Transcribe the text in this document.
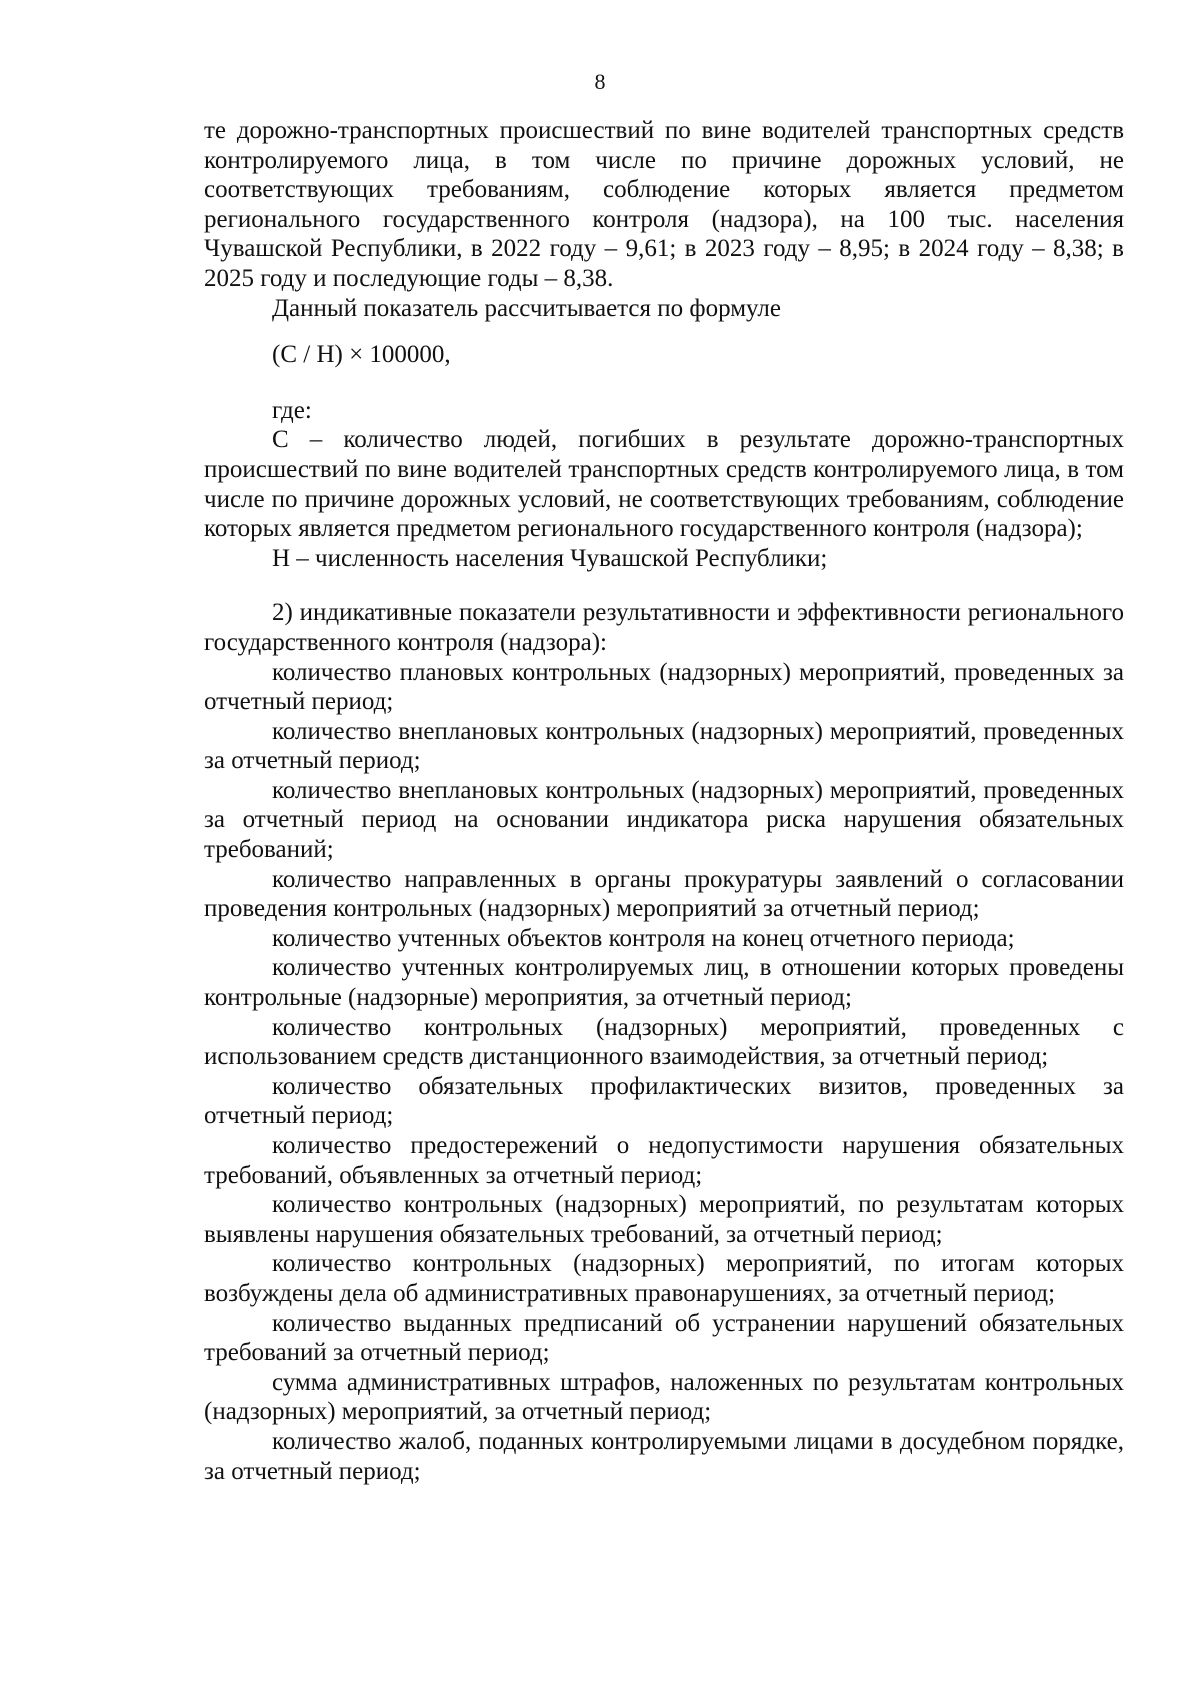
8

те дорожно-транспортных происшествий по вине водителей транспортных средств контролируемого лица, в том числе по причине дорожных условий, не соответствующих требованиям, соблюдение которых является предметом регионального государственного контроля (надзора), на 100 тыс. населения Чувашской Республики, в 2022 году – 9,61; в 2023 году – 8,95; в 2024 году – 8,38; в 2025 году и последующие годы – 8,38.

Данный показатель рассчитывается по формуле

(С / Н) × 100000,

где:

С – количество людей, погибших в результате дорожно-транспортных происшествий по вине водителей транспортных средств контролируемого лица, в том числе по причине дорожных условий, не соответствующих требованиям, соблюдение которых является предметом регионального государственного контроля (надзора);

Н – численность населения Чувашской Республики;

2) индикативные показатели результативности и эффективности регионального государственного контроля (надзора):

количество плановых контрольных (надзорных) мероприятий, проведенных за отчетный период;

количество внеплановых контрольных (надзорных) мероприятий, проведенных за отчетный период;

количество внеплановых контрольных (надзорных) мероприятий, проведенных за отчетный период на основании индикатора риска нарушения обязательных требований;

количество направленных в органы прокуратуры заявлений о согласовании проведения контрольных (надзорных) мероприятий за отчетный период;

количество учтенных объектов контроля на конец отчетного периода;

количество учтенных контролируемых лиц, в отношении которых проведены контрольные (надзорные) мероприятия, за отчетный период;

количество контрольных (надзорных) мероприятий, проведенных с использованием средств дистанционного взаимодействия, за отчетный период;

количество обязательных профилактических визитов, проведенных за отчетный период;

количество предостережений о недопустимости нарушения обязательных требований, объявленных за отчетный период;

количество контрольных (надзорных) мероприятий, по результатам которых выявлены нарушения обязательных требований, за отчетный период;

количество контрольных (надзорных) мероприятий, по итогам которых возбуждены дела об административных правонарушениях, за отчетный период;

количество выданных предписаний об устранении нарушений обязательных требований за отчетный период;

сумма административных штрафов, наложенных по результатам контрольных (надзорных) мероприятий, за отчетный период;

количество жалоб, поданных контролируемыми лицами в досудебном порядке, за отчетный период;
